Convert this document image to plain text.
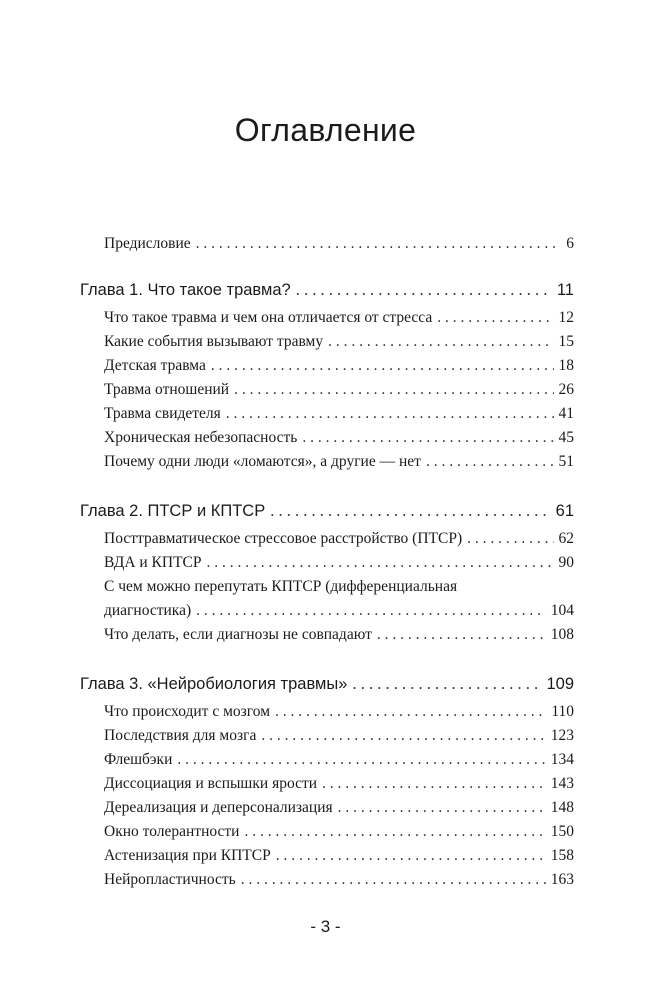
Оглавление
Предисловие . . .	6
Глава 1. Что такое травма? . . .	11
Что такое травма и чем она отличается от стресса . . .	12
Какие события вызывают травму . . .	15
Детская травма . . .	18
Травма отношений . . .	26
Травма свидетеля . . .	41
Хроническая небезопасность . . .	45
Почему одни люди «ломаются», а другие — нет . . .	51
Глава 2. ПТСР и КПТСР . . .	61
Посттравматическое стрессовое расстройство (ПТСР) . . .	62
ВДА и КПТСР . . .	90
С чем можно перепутать КПТСР (дифференциальная
диагностика) . . .	104
Что делать, если диагнозы не совпадают . . .	108
Глава 3. «Нейробиология травмы» . . .	109
Что происходит с мозгом . . .	110
Последствия для мозга . . .	123
Флешбэки . . .	134
Диссоциация и вспышки ярости . . .	143
Дереализация и деперсонализация . . .	148
Окно толерантности . . .	150
Астенизация при КПТСР . . .	158
Нейропластичность . . .	163
- 3 -
